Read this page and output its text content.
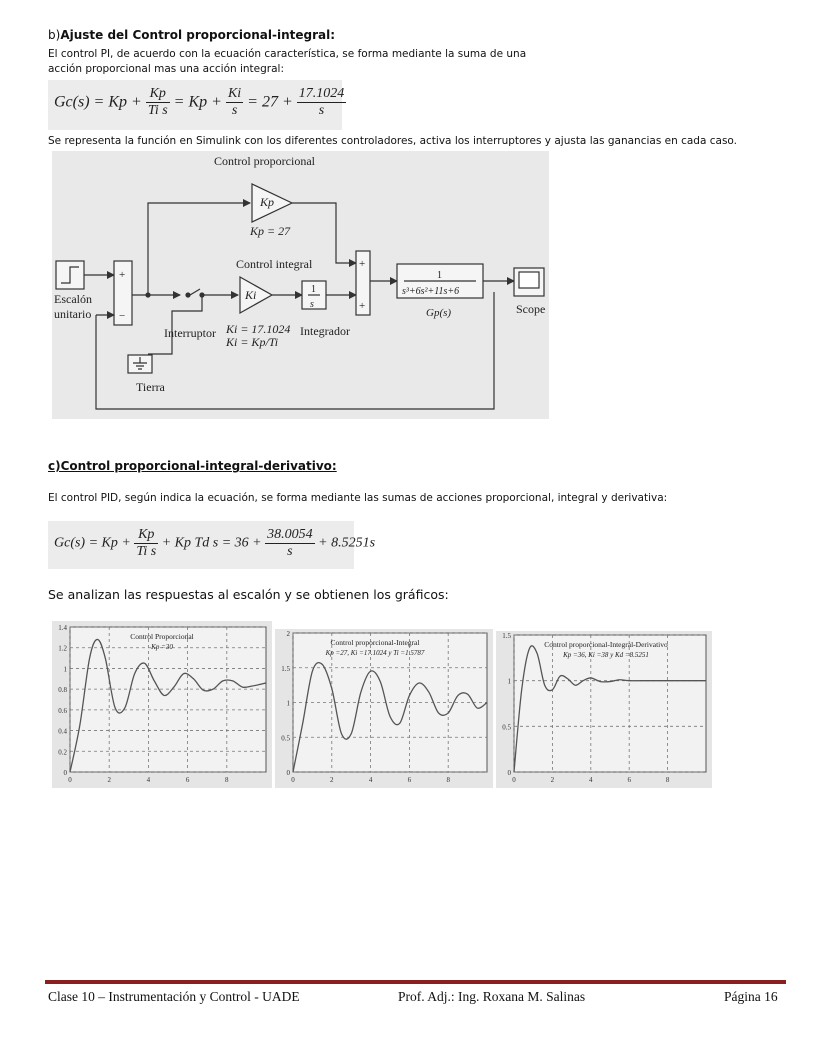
b)Ajuste del Control proporcional-integral:
El control PI, de acuerdo con la ecuación característica, se forma mediante la suma de una
acción proporcional mas una acción integral:
$Gc(s) = Kp + \frac{Kp}{\text{Ti s}} = Kp + \frac{Ki}{s} = 27 + \frac{17.1024}{s}$
Se representa la función en Simulink con los diferentes controladores, activa los interruptores y ajusta las ganancias en cada caso.
Control proporcional
Kp
Kp = 27
Control integral
Escalón
unitario
Interruptor
Ki
Ki = 17.1024
Ki = Kp/Ti
1
s
Integrador
Tierra
1
s³+6s²+11s+6
Gp(s)	Scope
+
−
+
+
c)Control proporcional-integral-derivativo:
El control PID, según indica la ecuación, se forma mediante las sumas de acciones proporcional, integral y derivativa:
$Gc(s) = Kp + \frac{Kp}{\text{Ti s}} + Kp$ Td $s = 36 + \frac{38.0054}{s} + 8.5251s$
Se analizan las respuestas al escalón y se obtienen los gráficos:
0
0.2
0.4
0.6
0.8
1
1.2
1.4
0	2	4	6	8
Control Proporcional
Kp =30
0
0.5
1
1.5
2
0	2	4	6	8
Control proporcional-Integral
Kp =27, Ki =17.1024 y Ti =1.5787
0
0.5
1
1.5
0	2	4	6	8
Control proporcional-Integral-Derivativo
Kp =36, Ki =38 y Kd =8.5251
Clase 10 – Instrumentación y Control - UADE	Prof. Adj.: Ing. Roxana M. Salinas	Página 16
